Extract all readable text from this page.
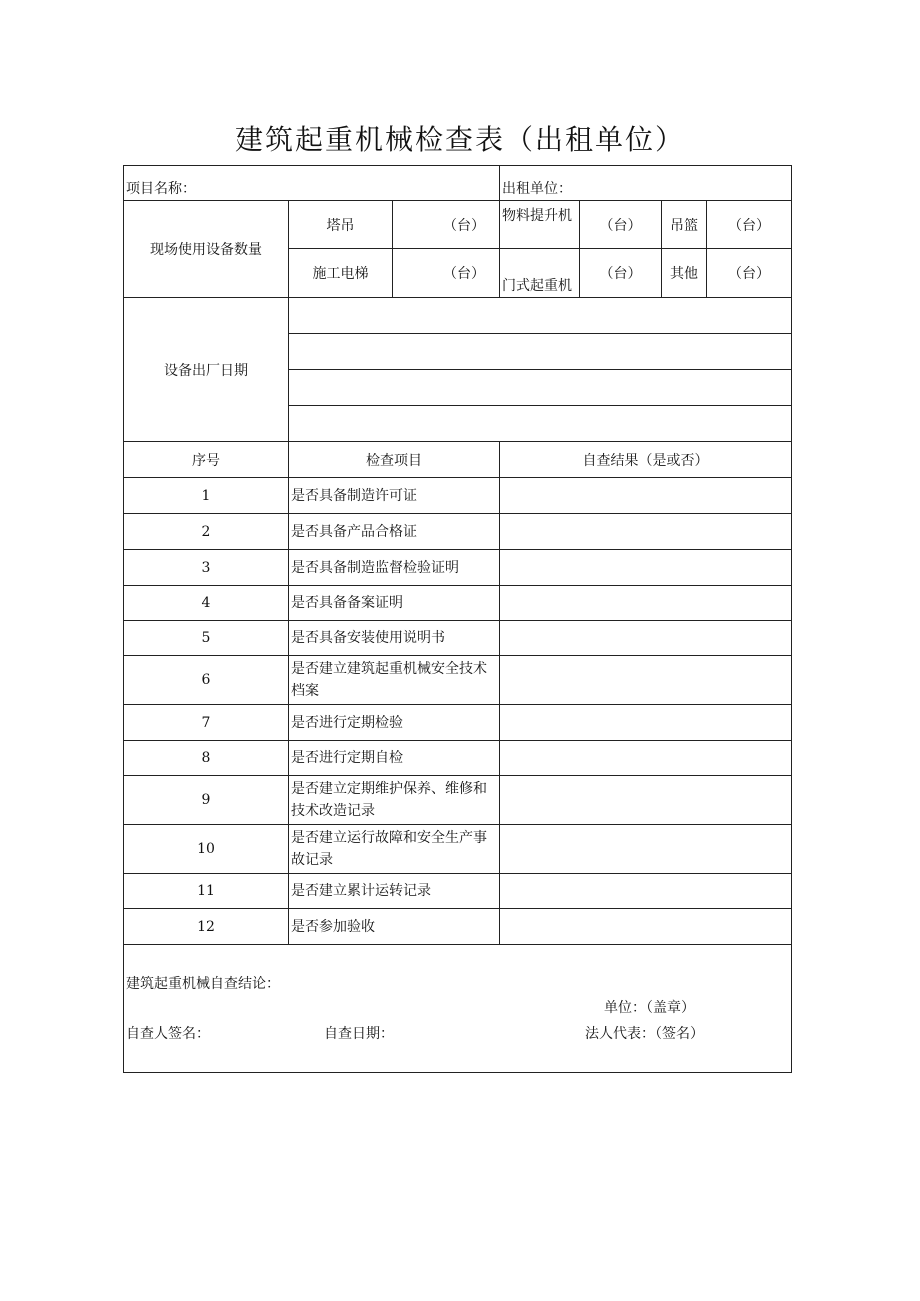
建筑起重机械检查表（出租单位）
项目名称：			出租单位：			
现场使用设备数量	塔吊	（台）	物料提升机	（台）	吊篮	（台）
	施工电梯	（台）	门式起重机	（台）	其他	（台）
设备出厂日期						

序号	检查项目		自查结果（是或否）			
1	是否具备制造许可证					
2	是否具备产品合格证					
3	是否具备制造监督检验证明					
4	是否具备备案证明					
5	是否具备安装使用说明书					
6	是否建立建筑起重机械安全技术档案					
7	是否进行定期检验					
8	是否进行定期自检					
9	是否建立定期维护保养、维修和技术改造记录					
10	是否建立运行故障和安全生产事故记录					
11	是否建立累计运转记录					
12	是否参加验收					

建筑起重机械自查结论：
单位：（盖章）
自查人签名： 自查日期： 法人代表：（签名）						
